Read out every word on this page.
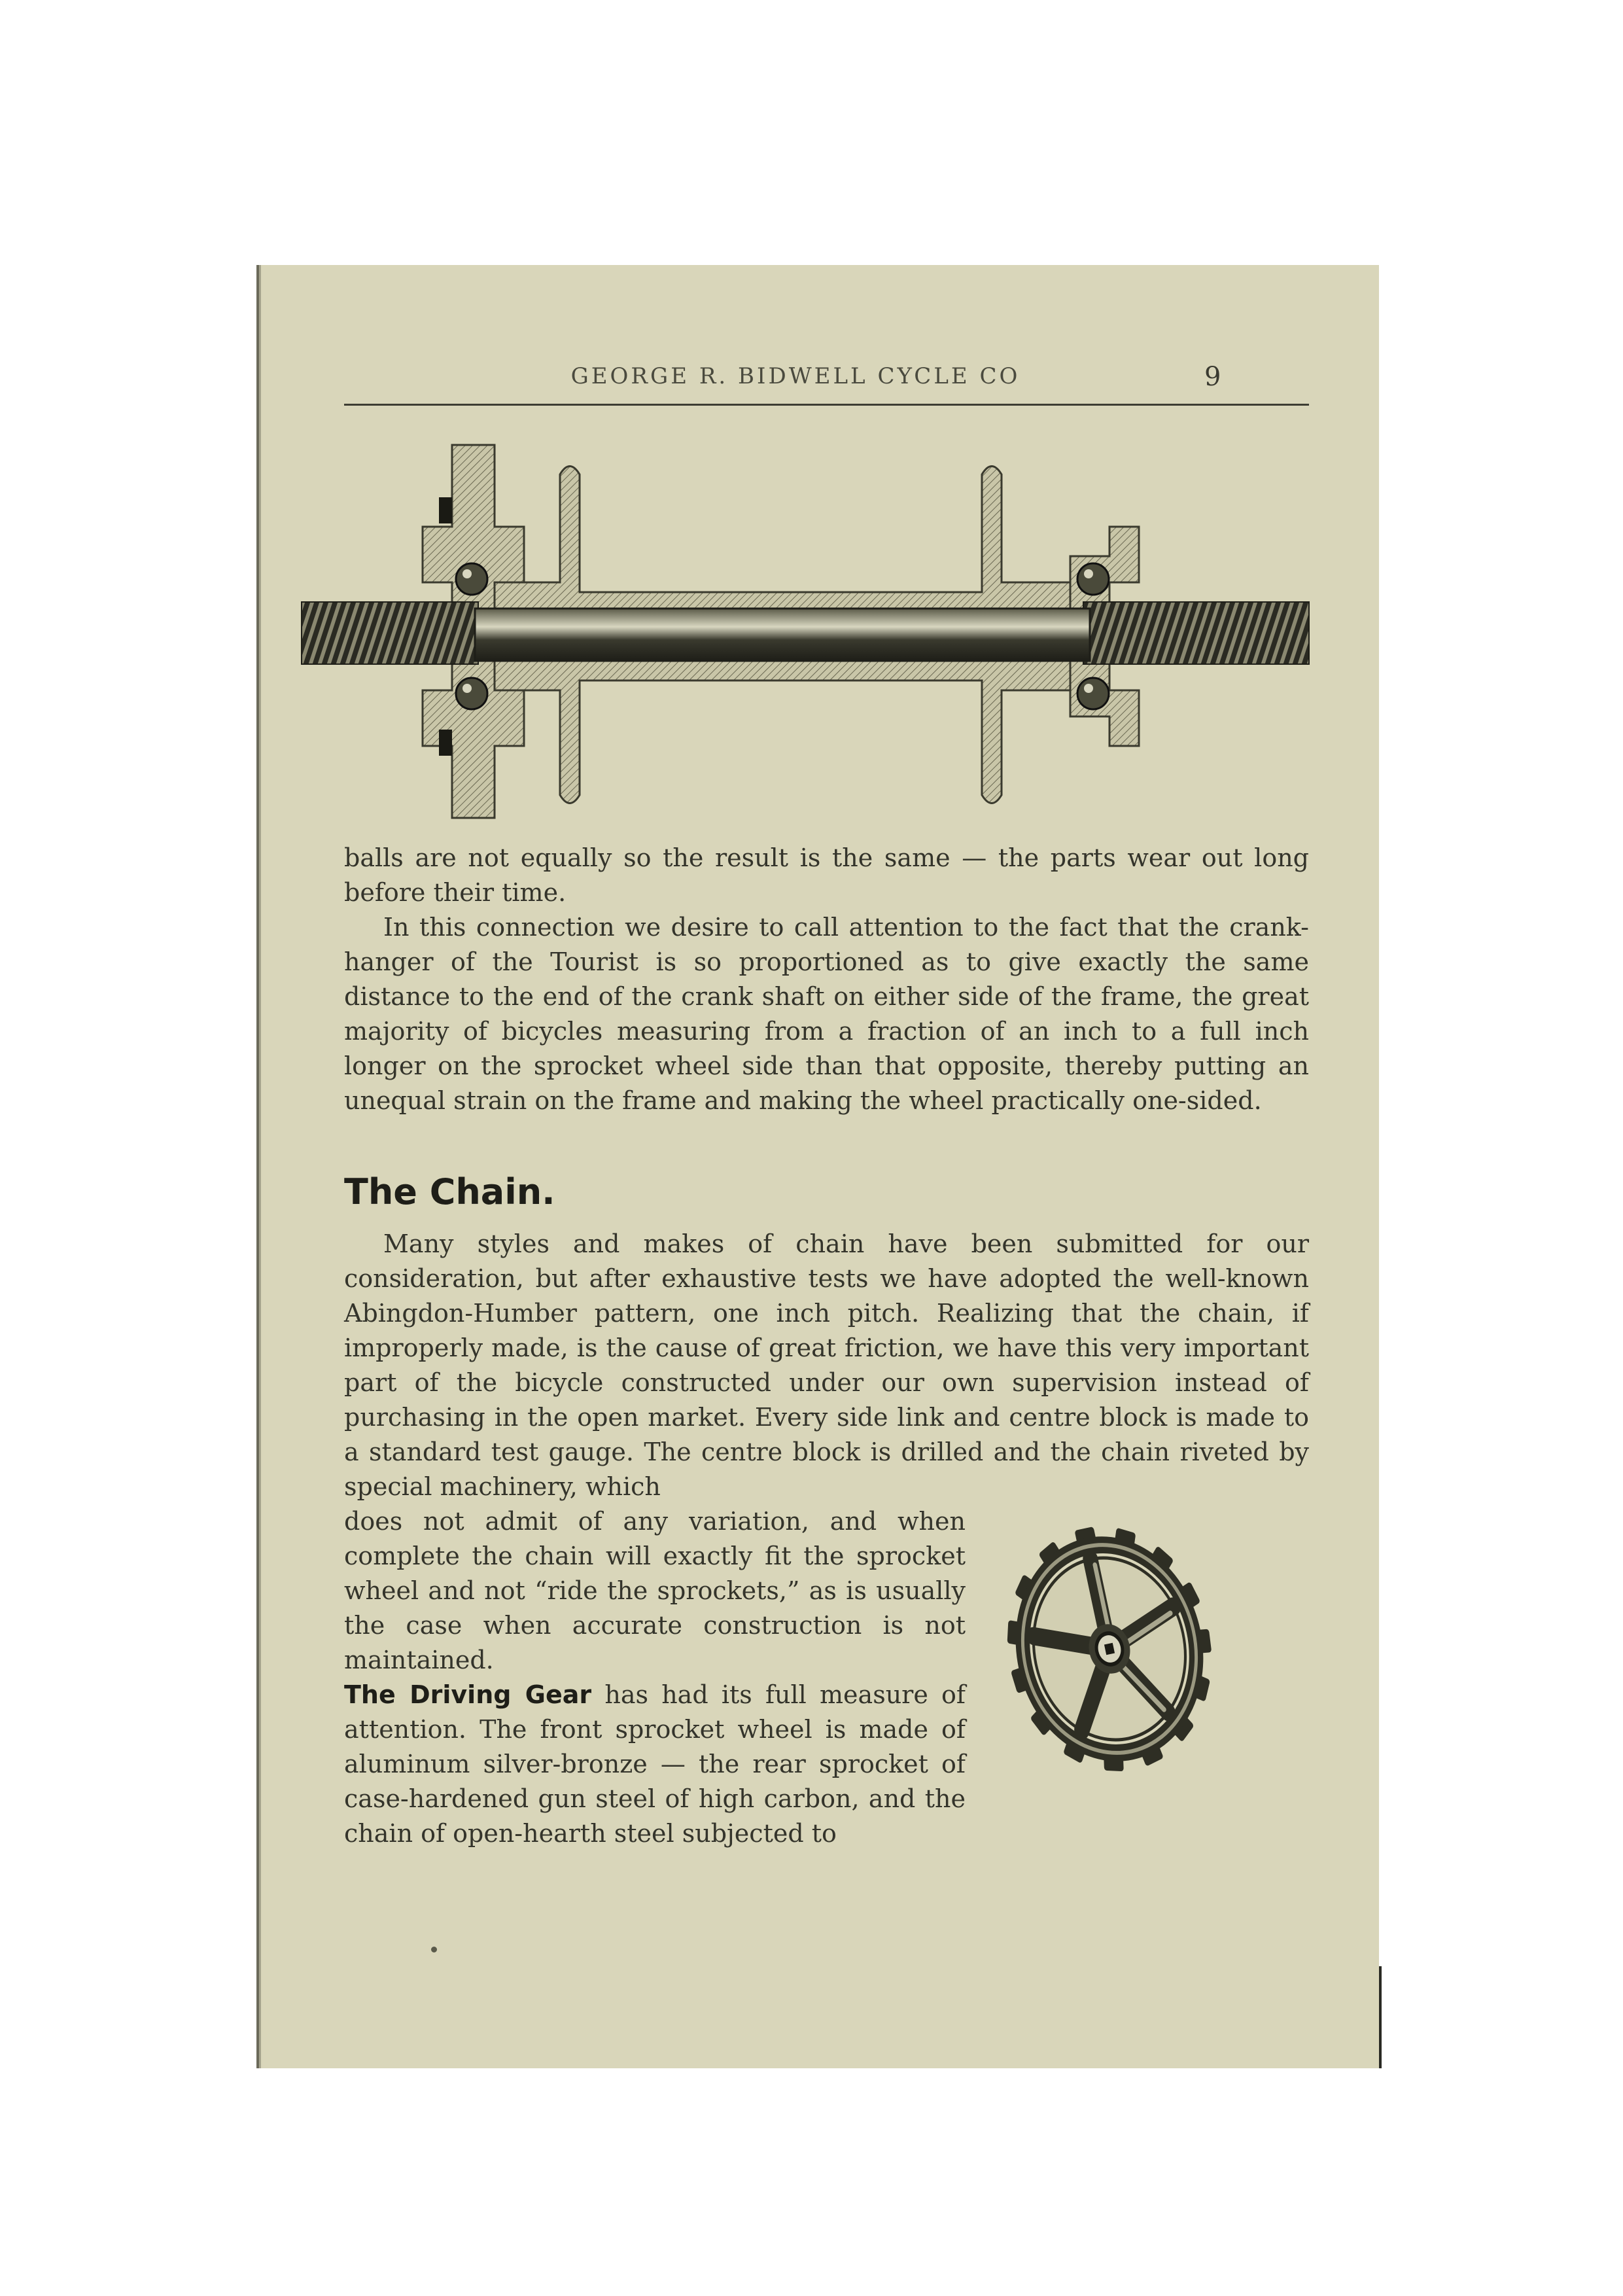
GEORGE R. BIDWELL CYCLE CO	9

balls are not equally so the result is the same — the parts wear out long before their time.

In this connection we desire to call attention to the fact that the crank-hanger of the Tourist is so proportioned as to give exactly the same distance to the end of the crank shaft on either side of the frame, the great majority of bicycles measuring from a fraction of an inch to a full inch longer on the sprocket wheel side than that opposite, thereby putting an unequal strain on the frame and making the wheel practically one-sided.

The Chain.

Many styles and makes of chain have been submitted for our consideration, but after exhaustive tests we have adopted the well-known Abingdon-Humber pattern, one inch pitch. Realizing that the chain, if improperly made, is the cause of great friction, we have this very important part of the bicycle constructed under our own supervision instead of purchasing in the open market. Every side link and centre block is made to a standard test gauge. The centre block is drilled and the chain riveted by special machinery, which

does not admit of any variation, and when complete the chain will exactly fit the sprocket wheel and not “ride the sprockets,” as is usually the case when accurate construction is not maintained.

The Driving Gear has had its full measure of attention. The front sprocket wheel is made of aluminum silver-bronze — the rear sprocket of case-hardened gun steel of high carbon, and the chain of open-hearth steel subjected to
